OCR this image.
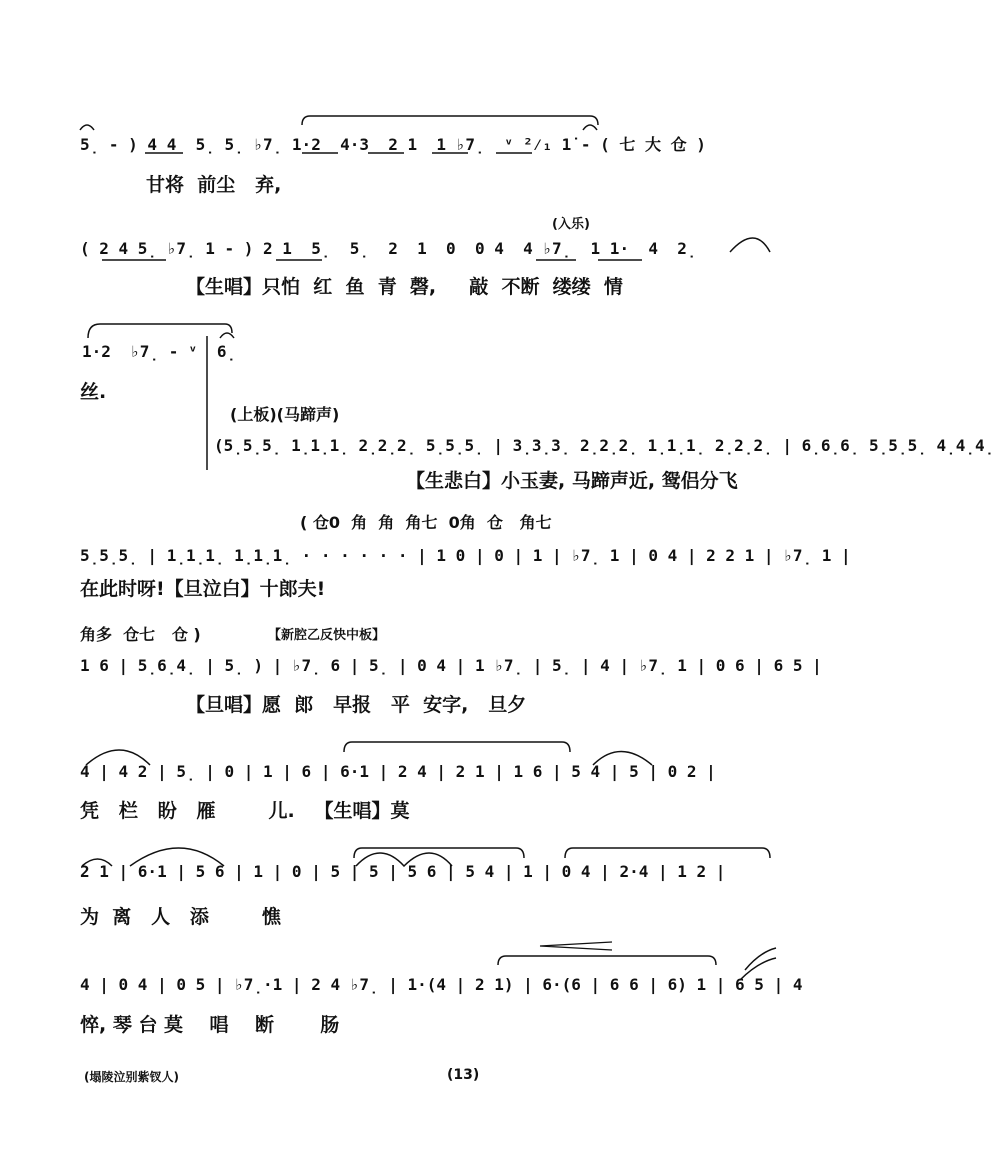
5̣ - ) 4 4  5̣ 5̣ ♭7̣ 1·2  4·3  2 1  1 ♭7̣  ᵛ ²⁄₁ 1̇ - ( 七 大 仓 )
甘将  前尘   弃,
(入乐)
( 2 4 5̣ ♭7̣ 1 - ) 2 1  5̣  5̣  2  1  0  0 4  4 ♭7̣  1 1·  4  2̣
【生唱】只怕  红  鱼  青  磬,     敲  不断  缕缕  情
1·2  ♭7̣ - ᵛ  6̣
丝.
(上板)(马蹄声)
(5̣5̣5̣ 1̣1̣1̣ 2̣2̣2̣ 5̣5̣5̣ | 3̣3̣3̣ 2̣2̣2̣ 1̣1̣1̣ 2̣2̣2̣ | 6̣6̣6̣ 5̣5̣5̣ 4̣4̣4̣
【生悲白】小玉妻, 马蹄声近, 鸳侣分飞
( 仓0  角  角  角七  0角  仓   角七
5̣5̣5̣ | 1̣1̣1̣ 1̣1̣1̣ · · · · · · | 1 0 | 0 | 1 | ♭7̣ 1 | 0 4 | 2 2 1 | ♭7̣ 1 |
在此时呀!【旦泣白】十郎夫!
角多  仓七   仓 )	【新腔乙反快中板】
1 6 | 5̣6̣4̣ | 5̣ ) | ♭7̣ 6 | 5̣ | 0 4 | 1 ♭7̣ | 5̣ | 4 | ♭7̣ 1 | 0 6 | 6 5 |
【旦唱】愿  郎   早报   平  安字,   旦夕
4 | 4 2 | 5̣ | 0 | 1 | 6 | 6·1 | 2 4 | 2 1 | 1 6 | 5 4 | 5 | 0 2 |
凭   栏   盼   雁        儿.   【生唱】莫
2 1 | 6·1 | 5 6 | 1 | 0 | 5 | 5 | 5 6 | 5 4 | 1 | 0 4 | 2·4 | 1 2 |
为  离   人   添        憔
4 | 0 4 | 0 5 | ♭7̣·1 | 2 4 ♭7̣ | 1·(4 | 2 1) | 6·(6 | 6 6 | 6) 1 | 6 5 | 4
悴, 琴 台 莫    唱    断       肠
(塌陵泣别紫钗人)	(13)
